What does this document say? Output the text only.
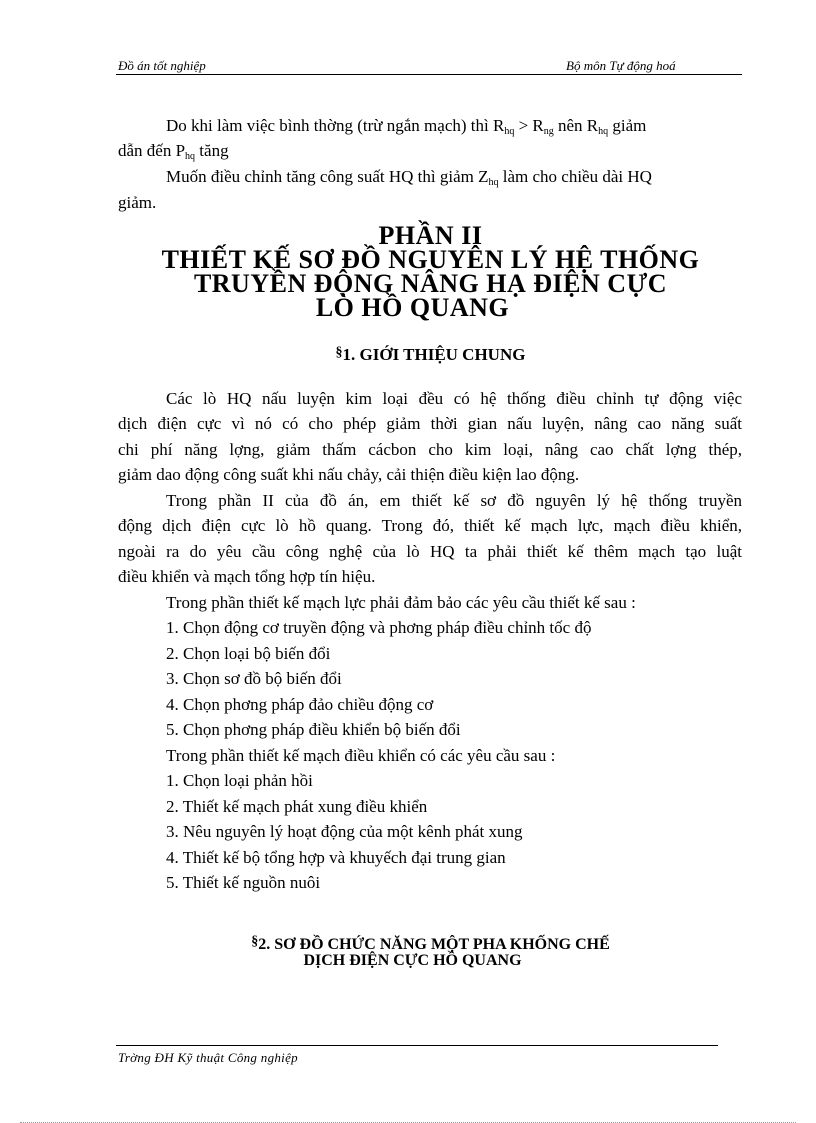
Đồ án tốt nghiệp	Bộ môn Tự động hoá

Do khi làm việc bình thờng (trừ ngắn mạch) thì $R_{hq} > R_{ng}$ nên $R_{hq}$ giảm

dẫn đến $P_{hq}$ tăng

Muốn điều chỉnh tăng công suất HQ thì giảm $Z_{hq}$ làm cho chiều dài HQ

giảm.

PHẦN II
THIẾT KẾ SƠ ĐỒ NGUYÊN LÝ HỆ THỐNG
TRUYỀN ĐỘNG NÂNG HẠ ĐIỆN CỰC
LÒ HỒ QUANG
§1. GIỚI THIỆU CHUNG

Các lò HQ nấu luyện kim loại đều có hệ thống điều chỉnh tự động việc

dịch điện cực vì nó có cho phép giảm thời gian nấu luyện, nâng cao năng suất

chi phí năng lợng, giảm thấm cácbon cho kim loại, nâng cao chất lợng thép,

giảm dao động công suất khi nấu chảy, cải thiện điều kiện lao động.

Trong phần II của đồ án, em thiết kế sơ đồ nguyên lý hệ thống truyền

động dịch điện cực lò hồ quang. Trong đó, thiết kế mạch lực, mạch điều khiển,

ngoài ra do yêu cầu công nghệ của lò HQ ta phải thiết kế thêm mạch tạo luật

điều khiển và mạch tổng hợp tín hiệu.

Trong phần thiết kế mạch lực phải đảm bảo các yêu cầu thiết kế sau :

1. Chọn động cơ truyền động và phơng pháp điều chỉnh tốc độ

2. Chọn loại bộ biến đổi

3. Chọn sơ đồ bộ biến đổi

4. Chọn phơng pháp đảo chiều động cơ

5. Chọn phơng pháp điều khiển bộ biến đổi

Trong phần thiết kế mạch điều khiển có các yêu cầu sau :

1. Chọn loại phản hồi

2. Thiết kế mạch phát xung điều khiển

3. Nêu nguyên lý hoạt động của một kênh phát xung

4. Thiết kế bộ tổng hợp và khuyếch đại trung gian

5. Thiết kế nguồn nuôi

§2. SƠ ĐỒ CHỨC NĂNG MỘT PHA KHỐNG CHẾ
DỊCH ĐIỆN CỰC HỒ QUANG
Trờng ĐH Kỹ thuật Công nghiệp
